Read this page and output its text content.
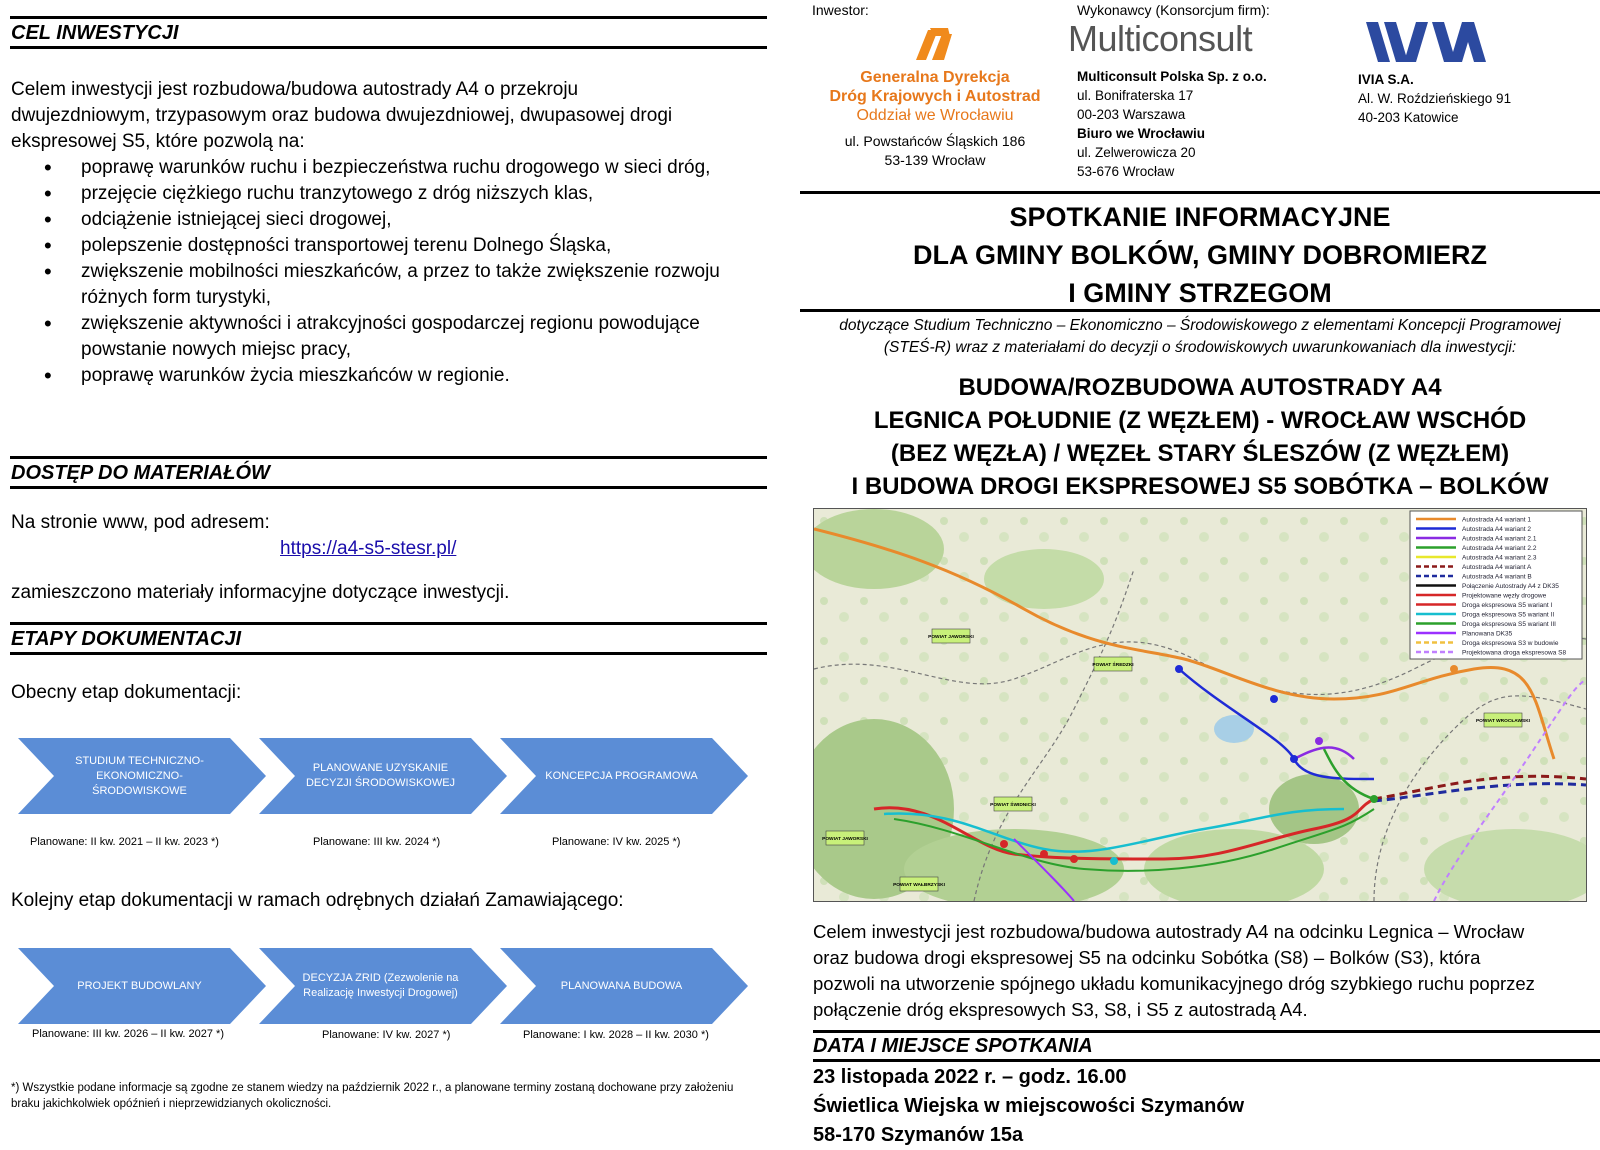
CEL INWESTYCJI
Celem inwestycji jest rozbudowa/budowa autostrady A4 o przekroju
dwujezdniowym, trzypasowym oraz budowa dwujezdniowej, dwupasowej drogi
ekspresowej S5, które pozwolą na:
• poprawę warunków ruchu i bezpieczeństwa ruchu drogowego w sieci dróg,
• przejęcie ciężkiego ruchu tranzytowego z dróg niższych klas,
• odciążenie istniejącej sieci drogowej,
• polepszenie dostępności transportowej terenu Dolnego Śląska,
• zwiększenie mobilności mieszkańców, a przez to także zwiększenie rozwoju różnych form turystyki,
• zwiększenie aktywności i atrakcyjności gospodarczej regionu powodujące powstanie nowych miejsc pracy,
• poprawę warunków życia mieszkańców w regionie.
DOSTĘP DO MATERIAŁÓW
Na stronie www, pod adresem:
https://a4-s5-stesr.pl/
zamieszczono materiały informacyjne dotyczące inwestycji.
ETAPY DOKUMENTACJI
Obecny etap dokumentacji:
STUDIUM TECHNICZNO-EKONOMICZNO-ŚRODOWISKOWE
PLANOWANE UZYSKANIE DECYZJI ŚRODOWISKOWEJ
KONCEPCJA PROGRAMOWA
Planowane: II kw. 2021 – II kw. 2023 *)	Planowane: III kw. 2024 *)	Planowane: IV kw. 2025 *)
Kolejny etap dokumentacji w ramach odrębnych działań Zamawiającego:
PROJEKT BUDOWLANY
DECYZJA ZRID (Zezwolenie na Realizację Inwestycji Drogowej)
PLANOWANA BUDOWA
Planowane: III kw. 2026 – II kw. 2027 *)	Planowane: IV kw. 2027 *)	Planowane: I kw. 2028 – II kw. 2030 *)
*) Wszystkie podane informacje są zgodne ze stanem wiedzy na październik 2022 r., a planowane terminy zostaną dochowane przy założeniu braku jakichkolwiek opóźnień i nieprzewidzianych okoliczności.
Inwestor:	Wykonawcy (Konsorcjum firm):
Generalna Dyrekcja
Dróg Krajowych i Autostrad
Oddział we Wrocławiu
ul. Powstańców Śląskich 186
53-139 Wrocław
Multiconsult
Multiconsult Polska Sp. z o.o.
ul. Bonifraterska 17
00-203 Warszawa
Biuro we Wrocławiu
ul. Zelwerowicza 20
53-676 Wrocław
IVIA S.A.
Al. W. Roździeńskiego 91
40-203 Katowice
SPOTKANIE INFORMACYJNE
DLA GMINY BOLKÓW, GMINY DOBROMIERZ
I GMINY STRZEGOM
dotyczące Studium Techniczno – Ekonomiczno – Środowiskowego z elementami Koncepcji Programowej
(STEŚ-R) wraz z materiałami do decyzji o środowiskowych uwarunkowaniach dla inwestycji:
BUDOWA/ROZBUDOWA AUTOSTRADY A4
LEGNICA POŁUDNIE (Z WĘZŁEM) - WROCŁAW WSCHÓD
(BEZ WĘZŁA) / WĘZEŁ STARY ŚLESZÓW (Z WĘZŁEM)
I BUDOWA DROGI EKSPRESOWEJ S5 SOBÓTKA – BOLKÓW
Autostrada A4 wariant 1
Autostrada A4 wariant 2
Autostrada A4 wariant 2.1
Autostrada A4 wariant 2.2
Autostrada A4 wariant 2.3
Autostrada A4 wariant A
Autostrada A4 wariant B
Połączenie Autostrady A4 z DK35
Projektowane węzły drogowe
Droga ekspresowa S5 wariant I
Droga ekspresowa S5 wariant II
Droga ekspresowa S5 wariant III
Planowana DK35
Droga ekspresowa S3 w budowie
Projektowana droga ekspresowa S8
POWIAT JAWORSKI
POWIAT ŚREDZKI
POWIAT WROCŁAWSKI
POWIAT ŚWIDNICKI
POWIAT JAWORSKI
POWIAT WAŁBRZYSKI
Celem inwestycji jest rozbudowa/budowa autostrady A4 na odcinku Legnica – Wrocław
oraz budowa drogi ekspresowej S5 na odcinku Sobótka (S8) – Bolków (S3), która
pozwoli na utworzenie spójnego układu komunikacyjnego dróg szybkiego ruchu poprzez
połączenie dróg ekspresowych S3, S8, i S5 z autostradą A4.
DATA I MIEJSCE SPOTKANIA
23 listopada 2022 r. – godz. 16.00
Świetlica Wiejska w miejscowości Szymanów
58-170 Szymanów 15a
